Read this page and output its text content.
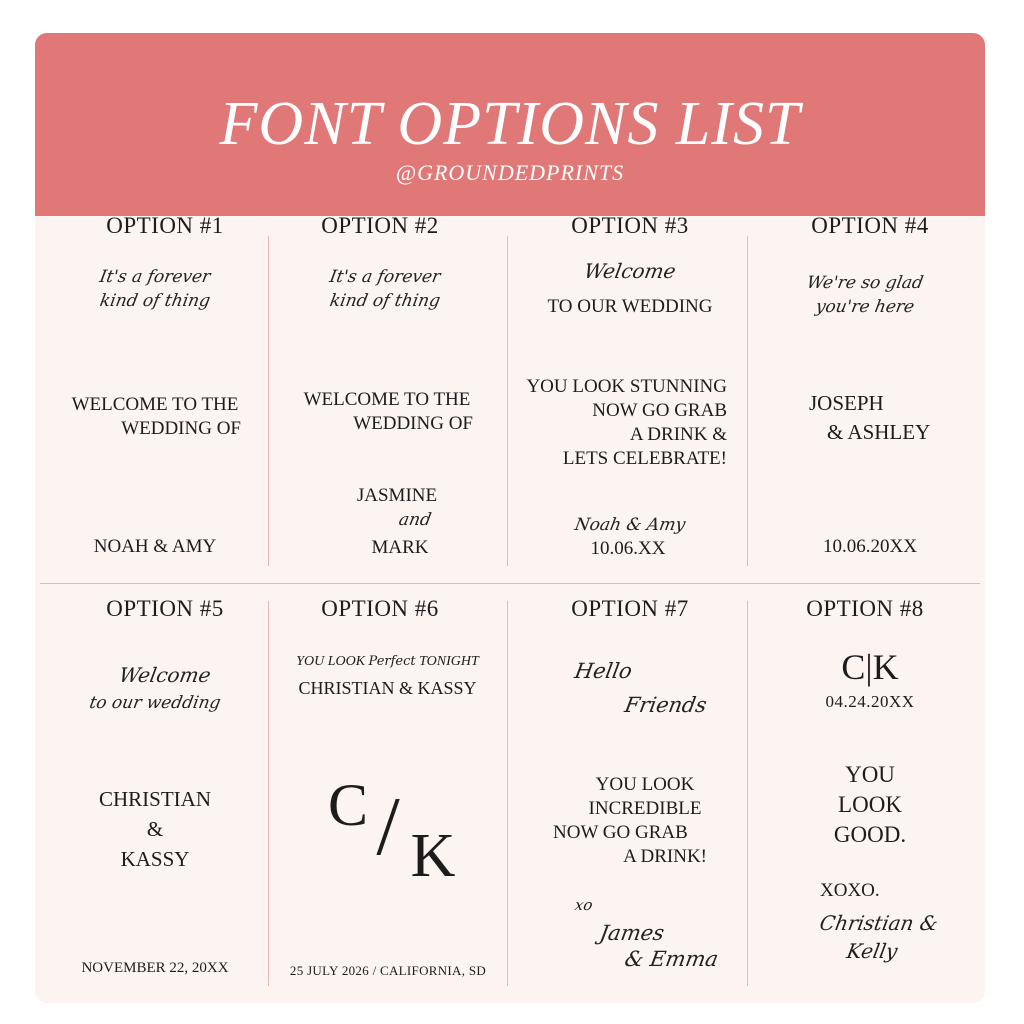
FONT OPTIONS LIST
@GROUNDEDPRINTS
OPTION #1
It's a forever
kind of thing
WELCOME TO THE
WEDDING OF
NOAH & AMY
OPTION #2
It's a forever
kind of thing
WELCOME TO THE
WEDDING OF
JASMINE
and
MARK
OPTION #3
Welcome
TO OUR WEDDING
YOU LOOK STUNNING
NOW GO GRAB
A DRINK &
LETS CELEBRATE!
Noah & Amy
10.06.XX
OPTION #4
We're so glad
you're here
JOSEPH
& ASHLEY
10.06.20XX
OPTION #5
Welcome
to our wedding
CHRISTIAN
&
KASSY
NOVEMBER 22, 20XX
OPTION #6
YOU LOOK Perfect TONIGHT
CHRISTIAN & KASSY
C / K
25 JULY 2026 / CALIFORNIA, SD
OPTION #7
Hello
Friends
YOU LOOK
INCREDIBLE
NOW GO GRAB
A DRINK!
xo
James
& Emma
OPTION #8
C|K
04.24.20XX
YOU
LOOK
GOOD.
XOXO.
Christian &
Kelly
